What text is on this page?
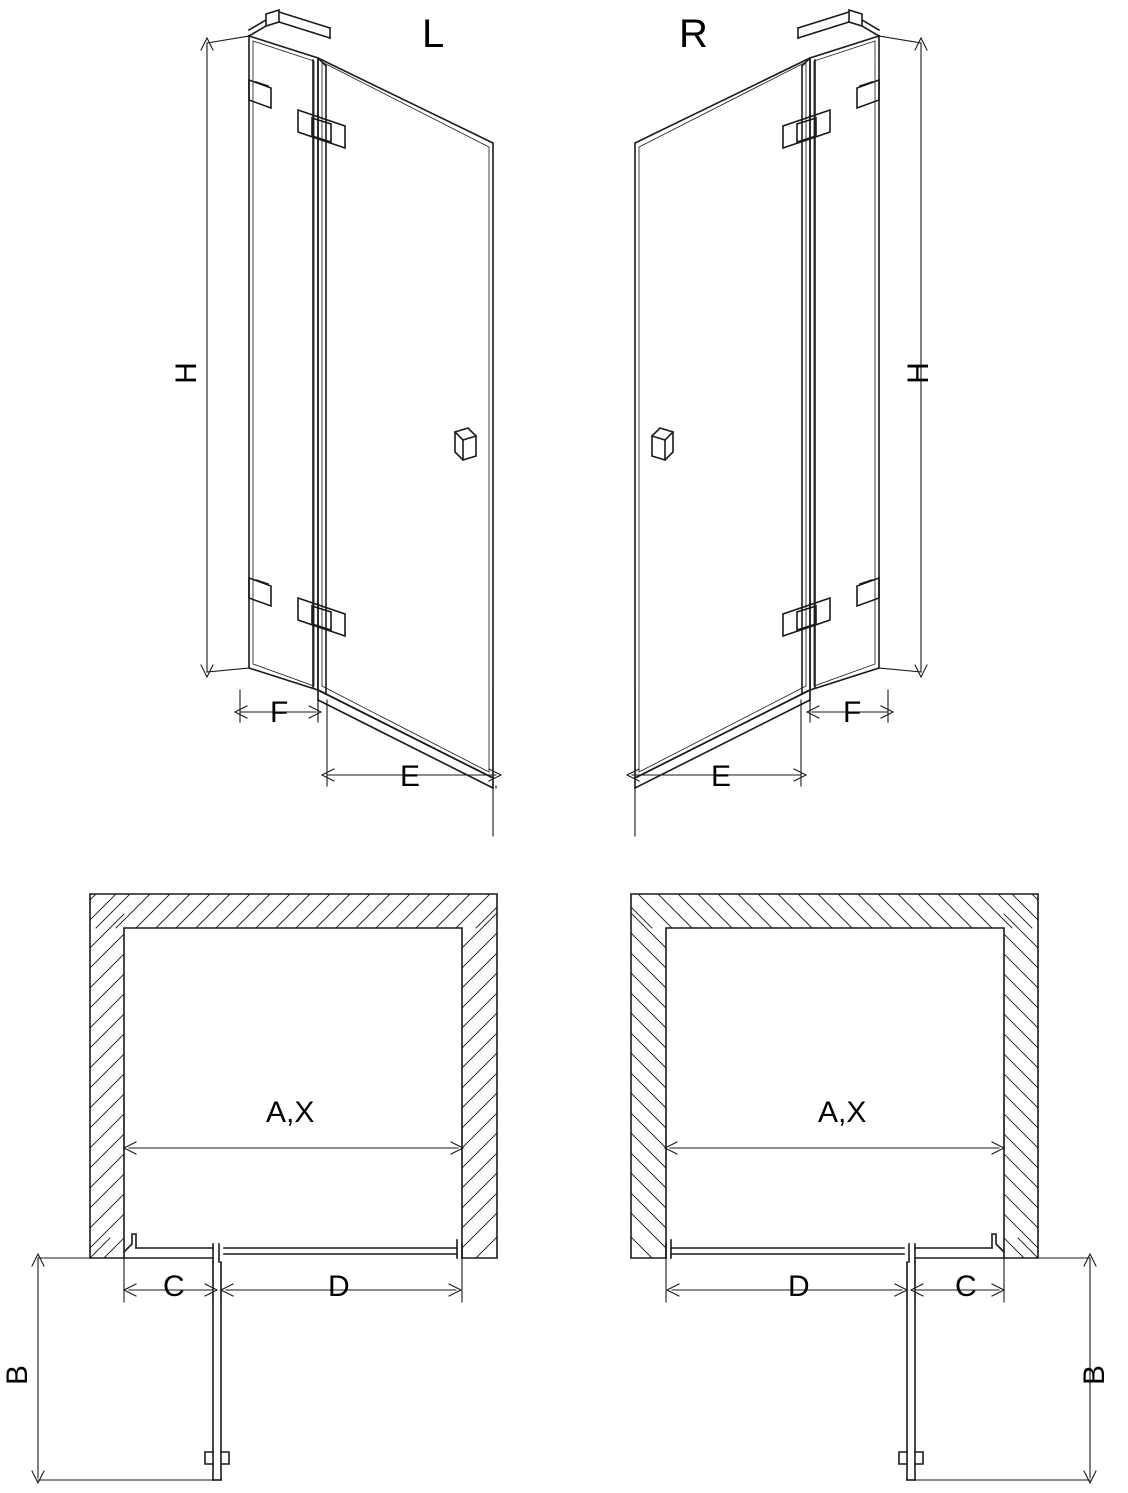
L	R
H	H
F
E
F
E
A,X
C	D
B
A,X
C
D
B
